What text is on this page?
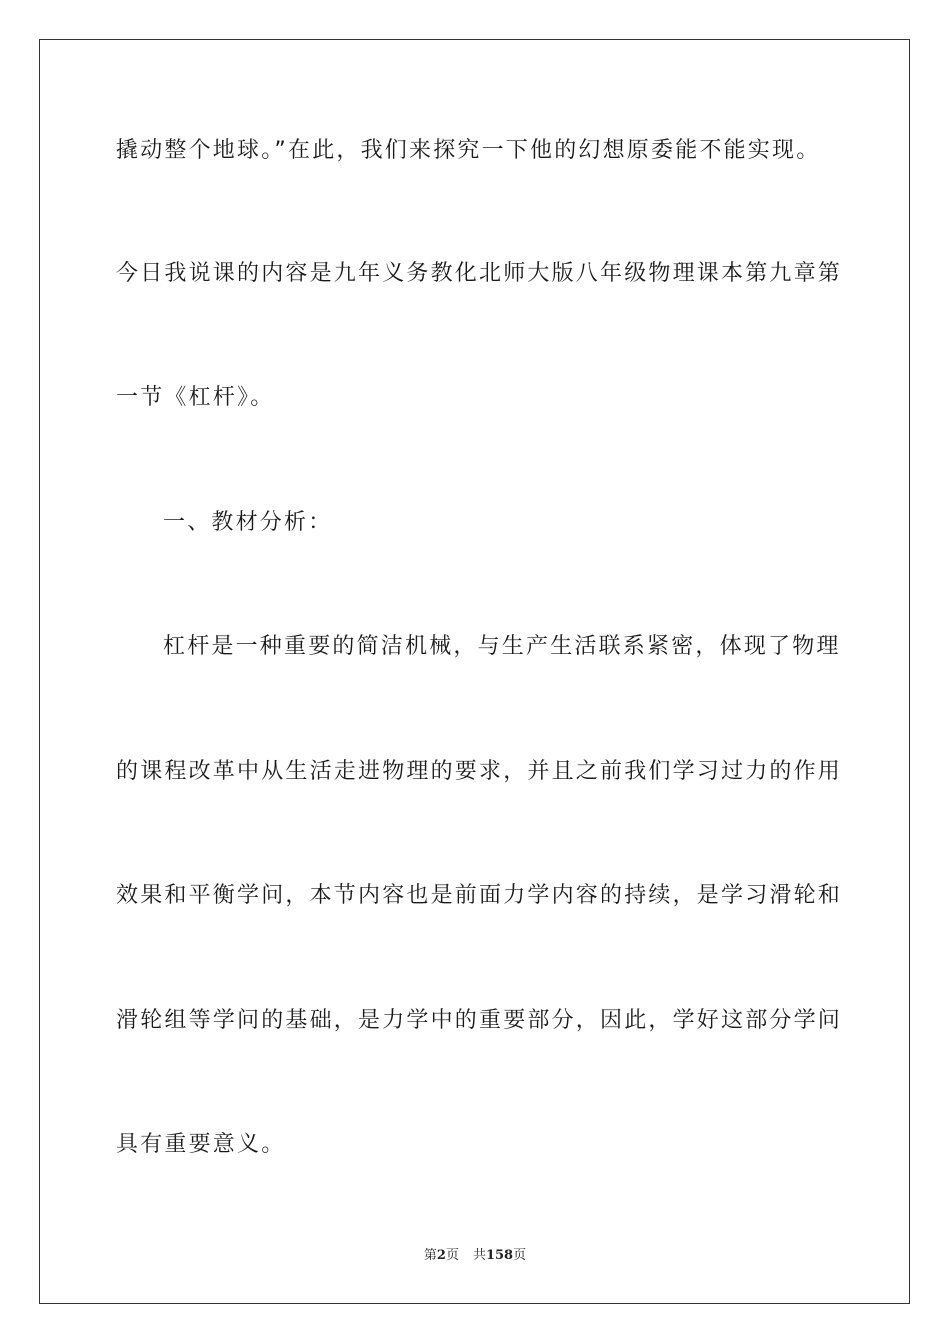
撬动整个地球。”在此，我们来探究一下他的幻想原委能不能实现。
今日我说课的内容是九年义务教化北师大版八年级物理课本第九章第
一节《杠杆》。
一、教材分析：
杠杆是一种重要的简洁机械，与生产生活联系紧密，体现了物理
的课程改革中从生活走进物理的要求，并且之前我们学习过力的作用
效果和平衡学问，本节内容也是前面力学内容的持续，是学习滑轮和
滑轮组等学问的基础，是力学中的重要部分，因此，学好这部分学问
具有重要意义。
第2页 共158页
